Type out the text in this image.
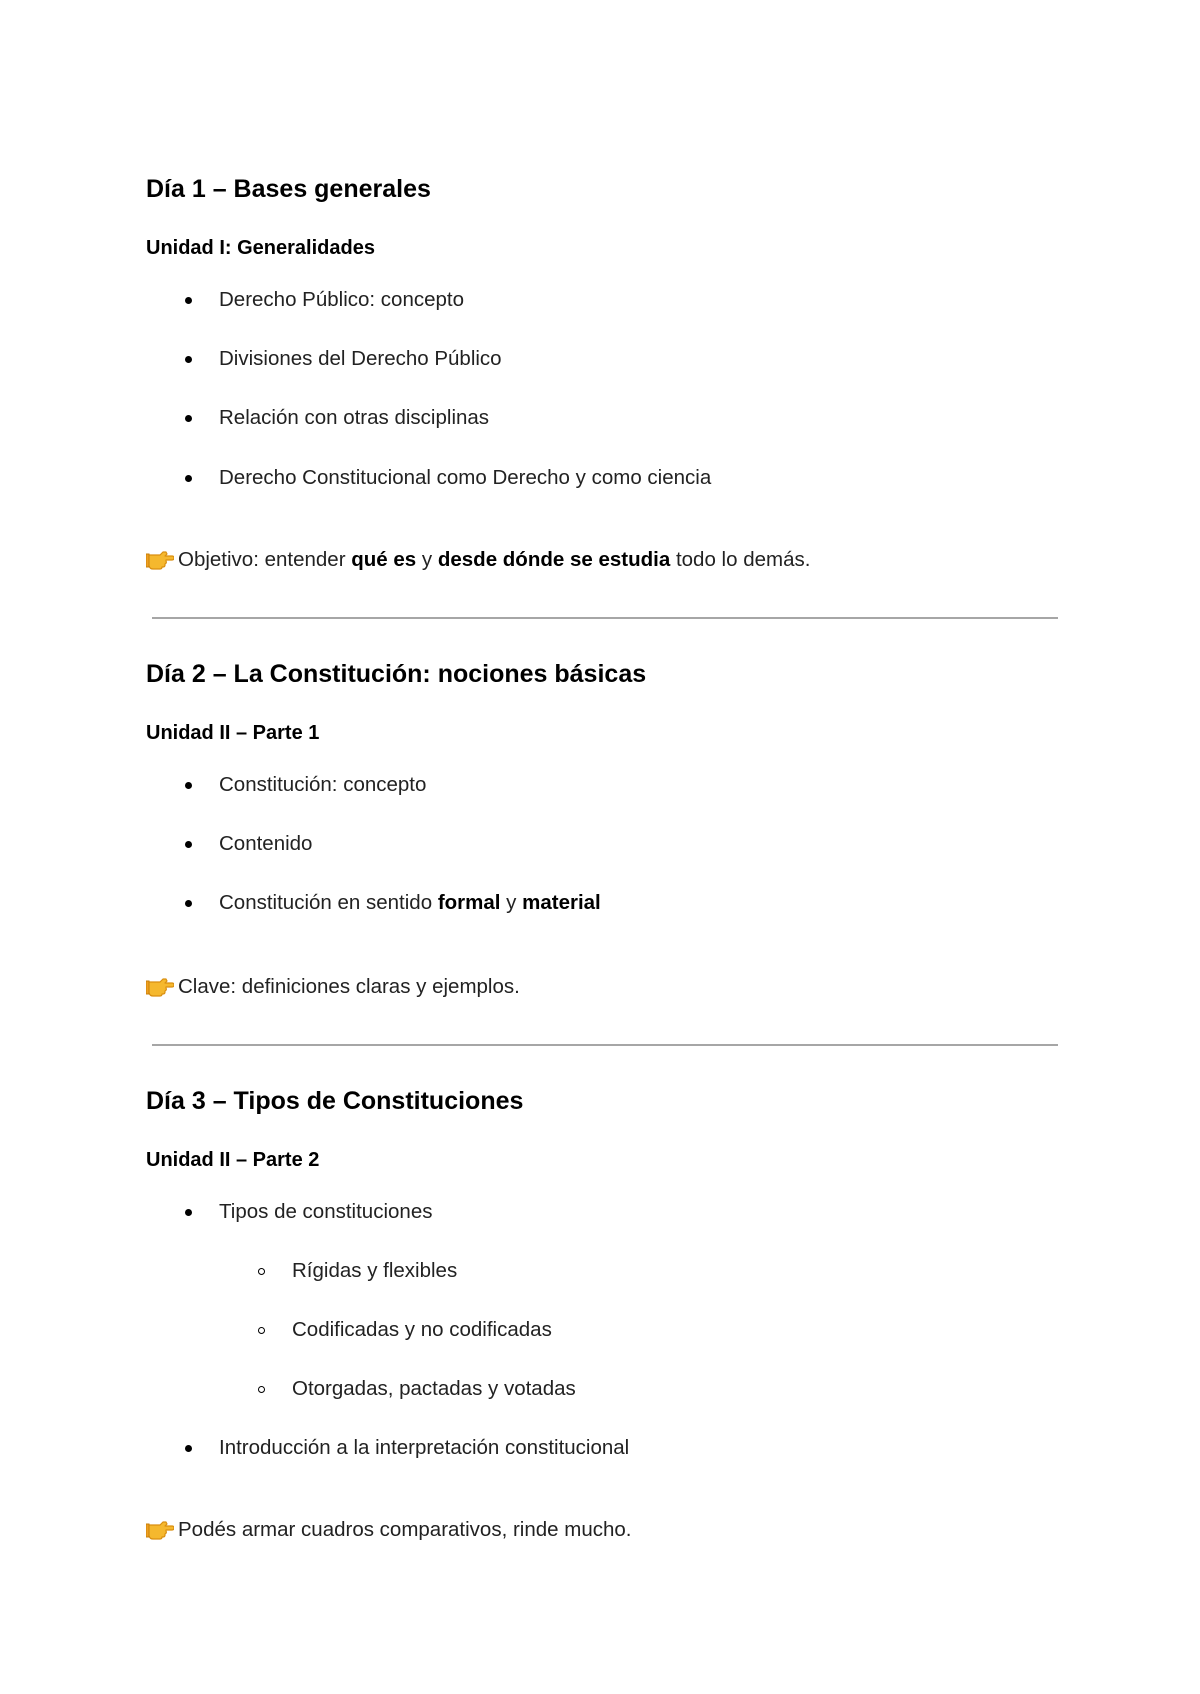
Día 1 – Bases generales
Unidad I: Generalidades
Derecho Público: concepto
Divisiones del Derecho Público
Relación con otras disciplinas
Derecho Constitucional como Derecho y como ciencia
Objetivo: entender qué es y desde dónde se estudia todo lo demás.
Día 2 – La Constitución: nociones básicas
Unidad II – Parte 1
Constitución: concepto
Contenido
Constitución en sentido formal y material
Clave: definiciones claras y ejemplos.
Día 3 – Tipos de Constituciones
Unidad II – Parte 2
Tipos de constituciones
Rígidas y flexibles
Codificadas y no codificadas
Otorgadas, pactadas y votadas
Introducción a la interpretación constitucional
Podés armar cuadros comparativos, rinde mucho.
